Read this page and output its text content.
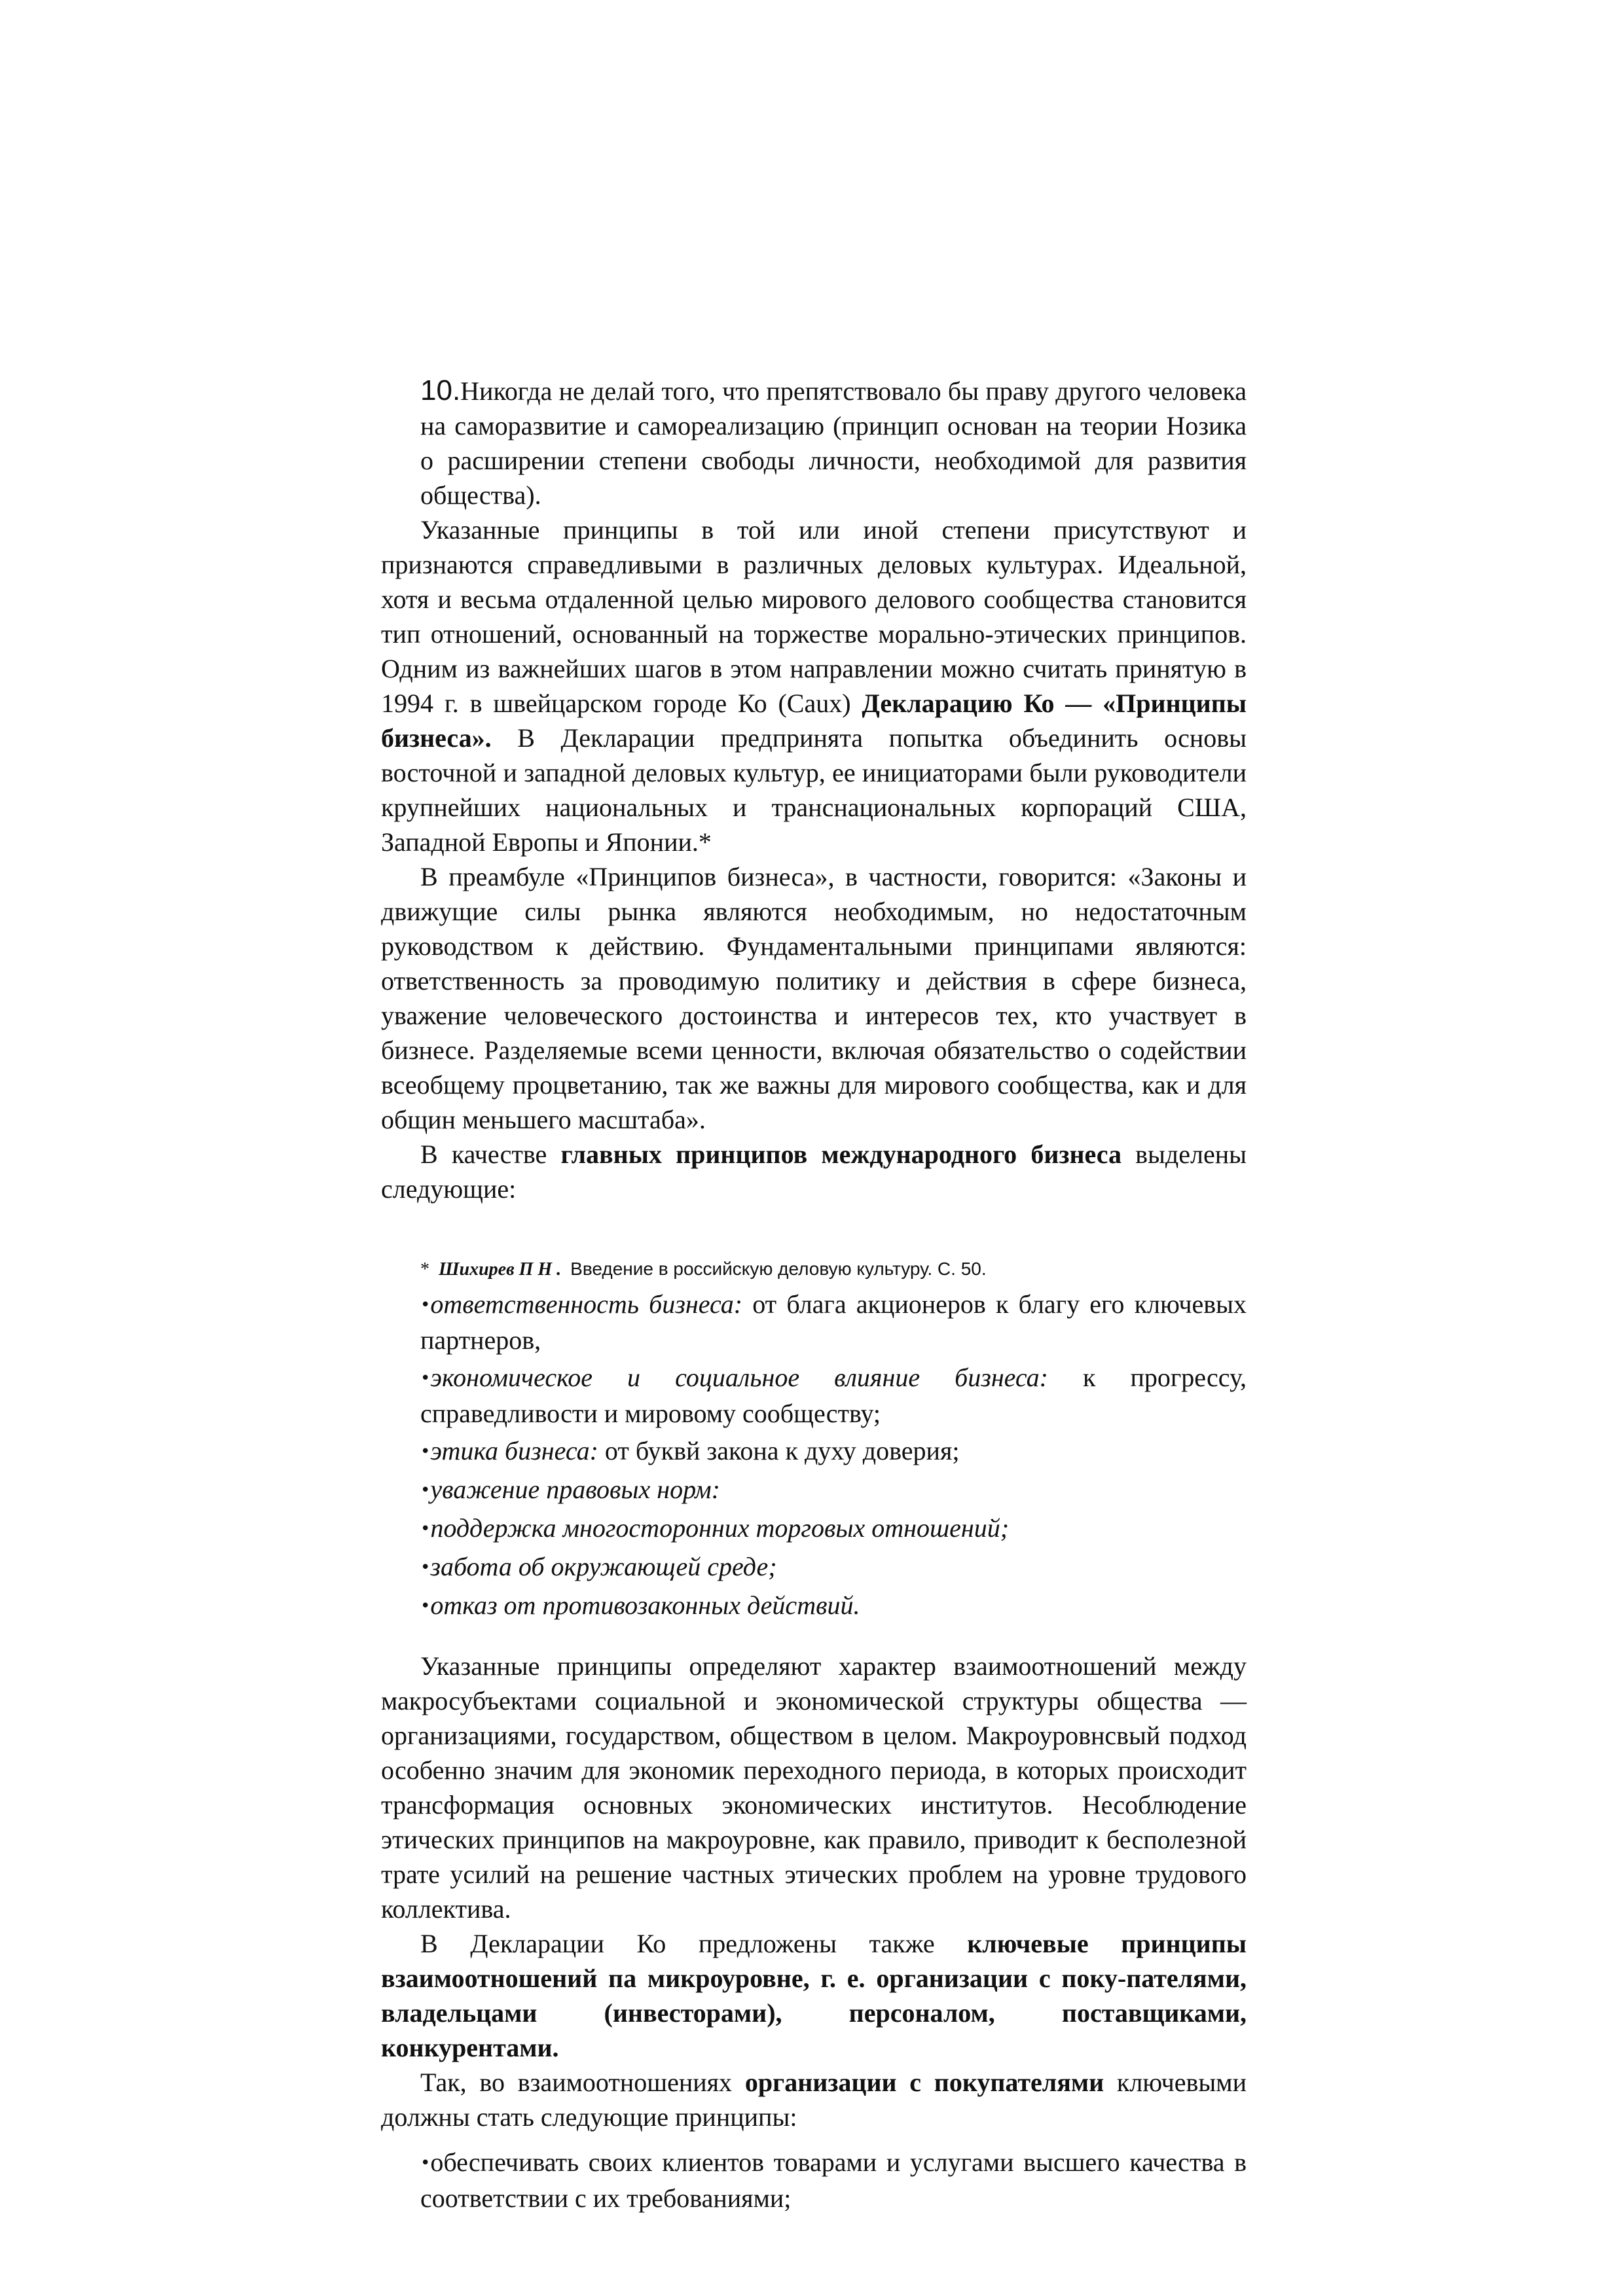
10.Никогда не делай того, что препятствовало бы праву другого человека на саморазвитие и самореализацию (принцип основан на теории Нозика о расширении степени свободы личности, необходимой для развития общества).

Указанные принципы в той или иной степени присутствуют и признаются справедливыми в различных деловых культурах. Идеальной, хотя и весьма отдаленной целью мирового делового сообщества становится тип отношений, основанный на торжестве морально-этических принципов. Одним из важнейших шагов в этом направлении можно считать принятую в 1994 г. в швейцарском городе Ко (Caux) Декларацию Ко — «Принципы бизнеса». В Декларации предпринята попытка объединить основы восточной и западной деловых культур, ее инициаторами были руководители крупнейших национальных и транснациональных корпораций США, Западной Европы и Японии.*

В преамбуле «Принципов бизнеса», в частности, говорится: «Законы и движущие силы рынка являются необходимым, но недостаточным руководством к действию. Фундаментальными принципами являются: ответственность за проводимую политику и действия в сфере бизнеса, уважение человеческого достоинства и интересов тех, кто участвует в бизнесе. Разделяемые всеми ценности, включая обязательство о содействии всеобщему процветанию, так же важны для мирового сообщества, как и для общин меньшего масштаба».

В качестве главных принципов международного бизнеса выделены следующие:

* Шихирев П Н . Введение в российскую деловую культуру. С. 50.

•ответственность бизнеса: от блага акционеров к благу его ключевых партнеров,

•экономическое и социальное влияние бизнеса: к прогрессу, справедливости и мировому сообществу;

•этика бизнеса: от буквй закона к духу доверия;

•уважение правовых норм:

•поддержка многосторонних торговых отношений;

•забота об окружающей среде;

•отказ от противозаконных действий.

Указанные принципы определяют характер взаимоотношений между макросубъектами социальной и экономической структуры общества — организациями, государством, обществом в целом. Макроуровнсвый подход особенно значим для экономик переходного периода, в которых происходит трансформация основных экономических институтов. Несоблюдение этических принципов на макроуровне, как правило, приводит к бесполезной трате усилий на решение частных этических проблем на уровне трудового коллектива.

В Декларации Ко предложены также ключевые принципы взаимоотношений па микроуровне, г. е. организации с поку-пателями, владельцами (инвесторами), персоналом, поставщиками, конкурентами.

Так, во взаимоотношениях организации с покупателями ключевыми должны стать следующие принципы:

•обеспечивать своих клиентов товарами и услугами высшего качества в соответствии с их требованиями;
